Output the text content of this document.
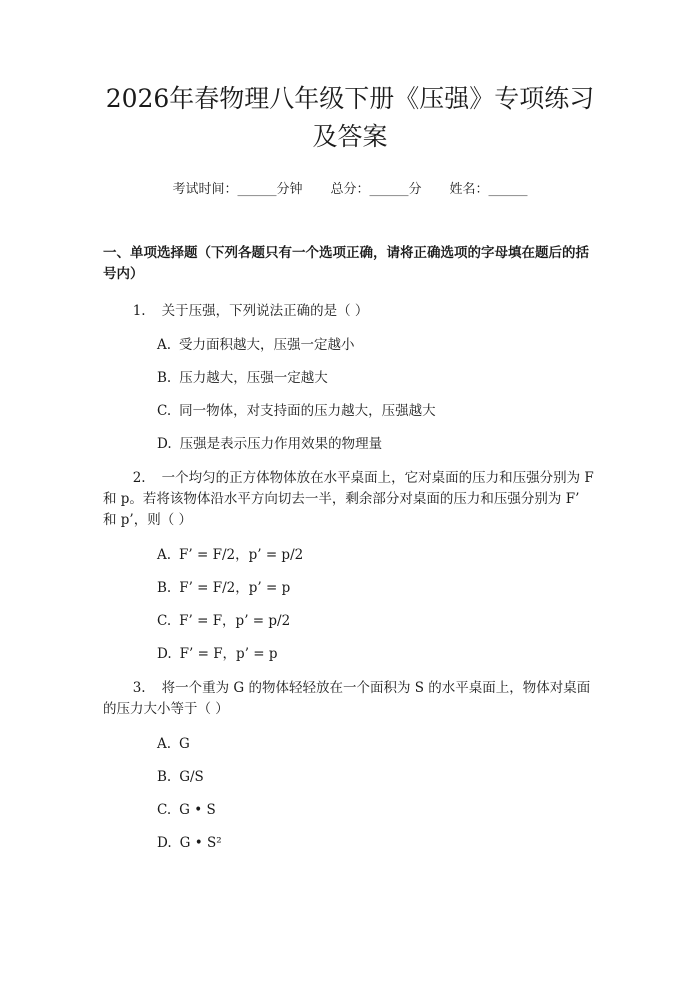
2026年春物理八年级下册《压强》专项练习及答案
考试时间：______分钟 总分：______分 姓名：______
一、单项选择题（下列各题只有一个选项正确，请将正确选项的字母填在题后的括号内）
1. 关于压强，下列说法正确的是（ ）
A. 受力面积越大，压强一定越小
B. 压力越大，压强一定越大
C. 同一物体，对支持面的压力越大，压强越大
D. 压强是表示压力作用效果的物理量
2. 一个均匀的正方体物体放在水平桌面上，它对桌面的压力和压强分别为 F 和 p。若将该物体沿水平方向切去一半，剩余部分对桌面的压力和压强分别为 F’ 和 p’，则（ ）
A. F’ = F/2，p’ = p/2
B. F’ = F/2，p’ = p
C. F’ = F，p’ = p/2
D. F’ = F，p’ = p
3. 将一个重为 G 的物体轻轻放在一个面积为 S 的水平桌面上，物体对桌面的压力大小等于（ ）
A. G
B. G/S
C. G • S
D. G • S²
